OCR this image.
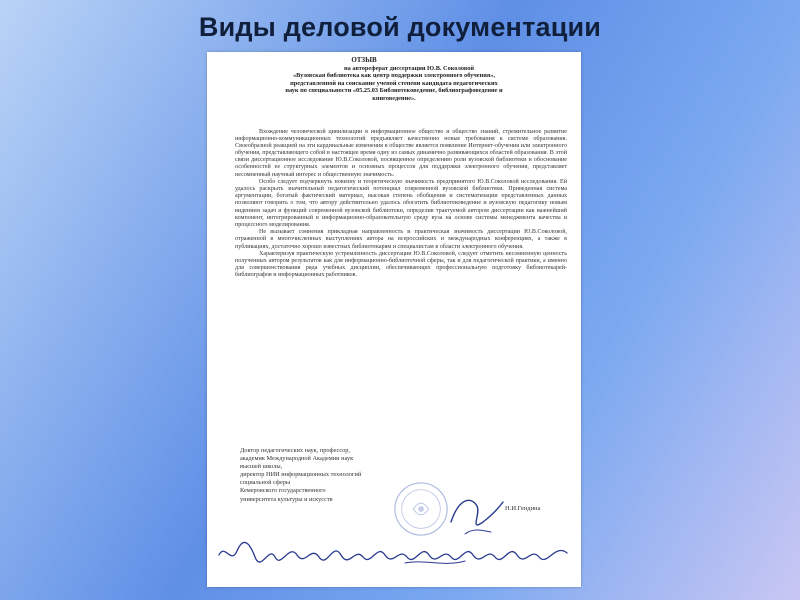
Виды деловой документации
ОТЗЫВ
на автореферат диссертации Ю.В. Соколовой
«Вузовская библиотека как центр поддержки электронного обучения»,
представленной на соискание ученой степени кандидата педагогических
наук по специальности «05.25.03 Библиотековедение, библиографоведение и
книговедение».

Вхождение человеческой цивилизации в информационное общество и общество знаний, стремительное развитие информационно-коммуникационных технологий предъявляет качественно новые требования к системе образования. Своеобразной реакцией на эти кардинальные изменения в обществе является появление Интернет-обучения или электронного обучения, представляющего собой в настоящее время одну из самых динамично развивающихся областей образования. В этой связи диссертационное исследование Ю.В.Соколовой, посвященное определению роли вузовской библиотеки и обоснование особенностей ее структурных элементов и основных процессов для поддержки электронного обучения, представляет несомненный научный интерес и общественную значимость.

Особо следует подчеркнуть новизну и теоретическую значимость предпринятого Ю.В.Соколовой исследования. Ей удалось раскрыть значительный педагогический потенциал современной вузовской библиотеки. Приведенная система аргументации, богатый фактический материал, высокая степень обобщения и систематизации представленных данных позволяют говорить о том, что автору действительно удалось обогатить библиотековедение и вузовскую педагогику новым видением задач и функций современной вузовской библиотеки, определив трактуемой автором диссертации как важнейший компонент, интегрированный в информационно-образовательную среду вуза на основе системы менеджмента качества и процессного моделирования.

Не вызывает сомнения прикладная направленность и практическая значимость диссертации Ю.В.Соколовой, отраженной в многочисленных выступлениях автора на всероссийских и международных конференциях, а также в публикациях, достаточно хорошо известных библиотекарям и специалистам в области электронного обучения.

Характеризуя практическую устремленность диссертации Ю.В.Соколовой, следует отметить несомненную ценность полученных автором результатов как для информационно-библиотечной сферы, так и для педагогической практики, а именно для совершенствования ряда учебных дисциплин, обеспечивающих профессиональную подготовку библиотекарей-библиографов и информационных работников.

Доктор педагогических наук, профессор,
академик Международной Академии наук
высшей школы,
директор НИИ информационных технологий
социальной сферы
Кемеровского государственного
университета культуры и искусств
Н.И.Гендина
